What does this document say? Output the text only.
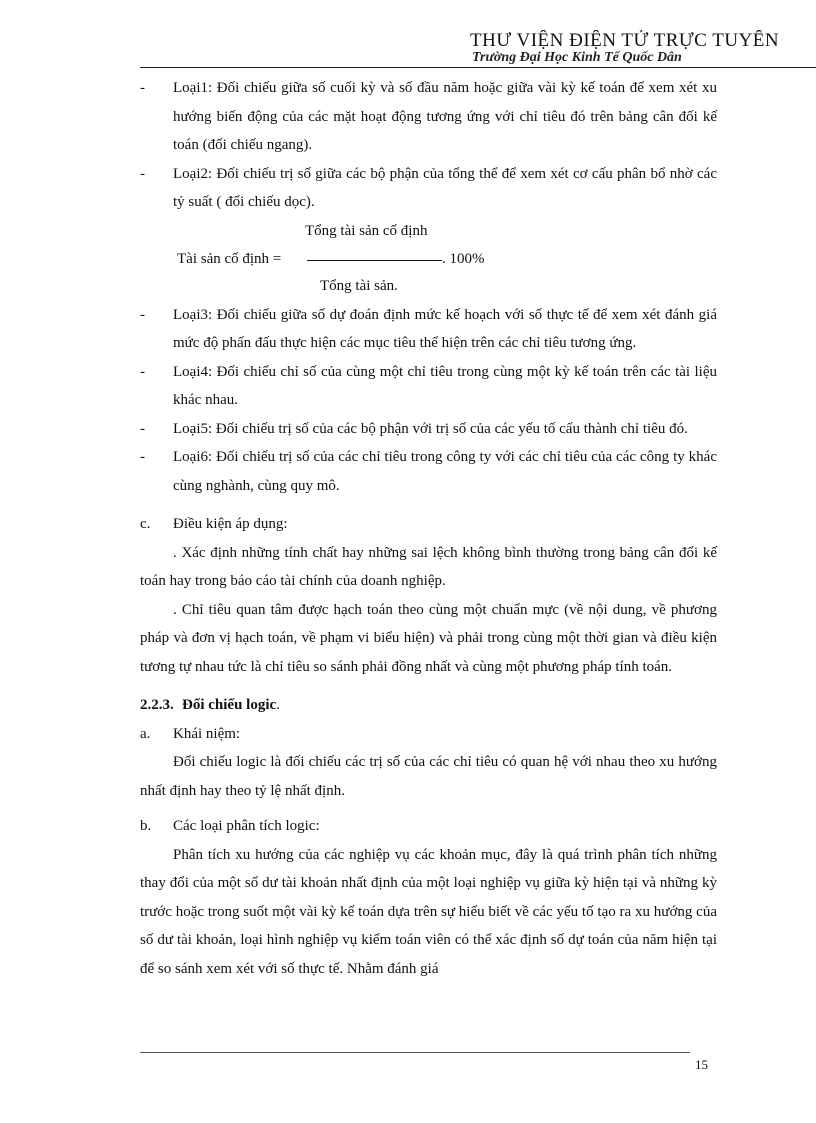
THƯ VIỆN ĐIỆN TỬ TRỰC TUYẾN
Trường Đại Học Kinh Tế Quốc Dân
-	Loại1: Đối chiếu giữa số cuối kỳ và số đầu năm hoặc giữa vài kỳ kế toán để xem xét xu hướng biến động của các mặt hoạt động tương ứng với chỉ tiêu đó trên bảng cân đối kế toán (đối chiếu ngang).
-	Loại2: Đối chiếu trị số giữa các bộ phận của tổng thể để xem xét cơ cấu phân bổ nhờ các tỷ suất ( đối chiếu dọc).
Tổng tài sản cố định
Tài sản cố định =	. 100%
Tổng tài sản.
-	Loại3: Đối chiếu giữa số dự đoán định mức kế hoạch với số thực tế để xem xét đánh giá mức độ phấn đấu thực hiện các mục tiêu thể hiện trên các chỉ tiêu tương ứng.
-	Loại4: Đối chiếu chỉ số của cùng một chỉ tiêu trong cùng một kỳ kế toán trên các tài liệu khác nhau.
-	Loại5: Đối chiếu trị số của các bộ phận với trị số của các yếu tố cấu thành chỉ tiêu đó.
-	Loại6: Đối chiếu trị số của các chỉ tiêu trong công ty với các chỉ tiêu của các công ty khác cùng nghành, cùng quy mô.
c.	Điều kiện áp dụng:

. Xác định những tính chất hay những sai lệch không bình thường trong bảng cân đối kế toán hay trong báo cáo tài chính của doanh nghiệp.

. Chỉ tiêu quan tâm được hạch toán theo cùng một chuẩn mực (về nội dung, về phương pháp và đơn vị hạch toán, về phạm vi biểu hiện) và phải trong cùng một thời gian và điều kiện tương tự nhau tức là chỉ tiêu so sánh phải đồng nhất và cùng một phương pháp tính toán.

2.2.3. Đối chiếu logic .
a.	Khái niệm:

Đối chiếu logic là đối chiếu các trị số của các chỉ tiêu có quan hệ với nhau theo xu hướng nhất định hay theo tỷ lệ nhất định.

b.	Các loại phân tích logic:

Phân tích xu hướng của các nghiệp vụ các khoản mục, đây là quá trình phân tích những thay đổi của một số dư tài khoản nhất định của một loại nghiệp vụ giữa kỳ hiện tại và những kỳ trước hoặc trong suốt một vài kỳ kế toán dựa trên sự hiểu biết về các yếu tố tạo ra xu hướng của số dư tài khoản, loại hình nghiệp vụ kiểm toán viên có thể xác định số dự toán của năm hiện tại để so sánh xem xét với số thực tế. Nhằm đánh giá

15
